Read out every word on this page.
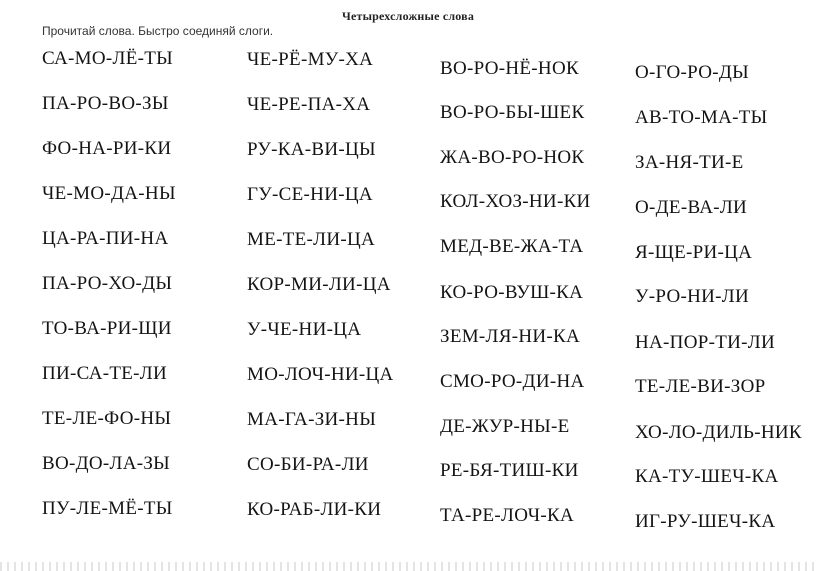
Четырехсложные слова
Прочитай слова. Быстро соединяй слоги.
СА-МО-ЛЁ-ТЫ
ПА-РО-ВО-ЗЫ
ФО-НА-РИ-КИ
ЧЕ-МО-ДА-НЫ
ЦА-РА-ПИ-НА
ПА-РО-ХО-ДЫ
ТО-ВА-РИ-ЩИ
ПИ-СА-ТЕ-ЛИ
ТЕ-ЛЕ-ФО-НЫ
ВО-ДО-ЛА-ЗЫ
ПУ-ЛЕ-МЁ-ТЫ
ЧЕ-РЁ-МУ-ХА
ЧЕ-РЕ-ПА-ХА
РУ-КА-ВИ-ЦЫ
ГУ-СЕ-НИ-ЦА
МЕ-ТЕ-ЛИ-ЦА
КОР-МИ-ЛИ-ЦА
У-ЧЕ-НИ-ЦА
МО-ЛОЧ-НИ-ЦА
МА-ГА-ЗИ-НЫ
СО-БИ-РА-ЛИ
КО-РАБ-ЛИ-КИ
ВО-РО-НЁ-НОК
ВО-РО-БЫ-ШЕК
ЖА-ВО-РО-НОК
КОЛ-ХОЗ-НИ-КИ
МЕД-ВЕ-ЖА-ТА
КО-РО-ВУШ-КА
ЗЕМ-ЛЯ-НИ-КА
СМО-РО-ДИ-НА
ДЕ-ЖУР-НЫ-Е
РЕ-БЯ-ТИШ-КИ
ТА-РЕ-ЛОЧ-КА
О-ГО-РО-ДЫ
АВ-ТО-МА-ТЫ
ЗА-НЯ-ТИ-Е
О-ДЕ-ВА-ЛИ
Я-ЩЕ-РИ-ЦА
У-РО-НИ-ЛИ
НА-ПОР-ТИ-ЛИ
ТЕ-ЛЕ-ВИ-ЗОР
ХО-ЛО-ДИЛЬ-НИК
КА-ТУ-ШЕЧ-КА
ИГ-РУ-ШЕЧ-КА
